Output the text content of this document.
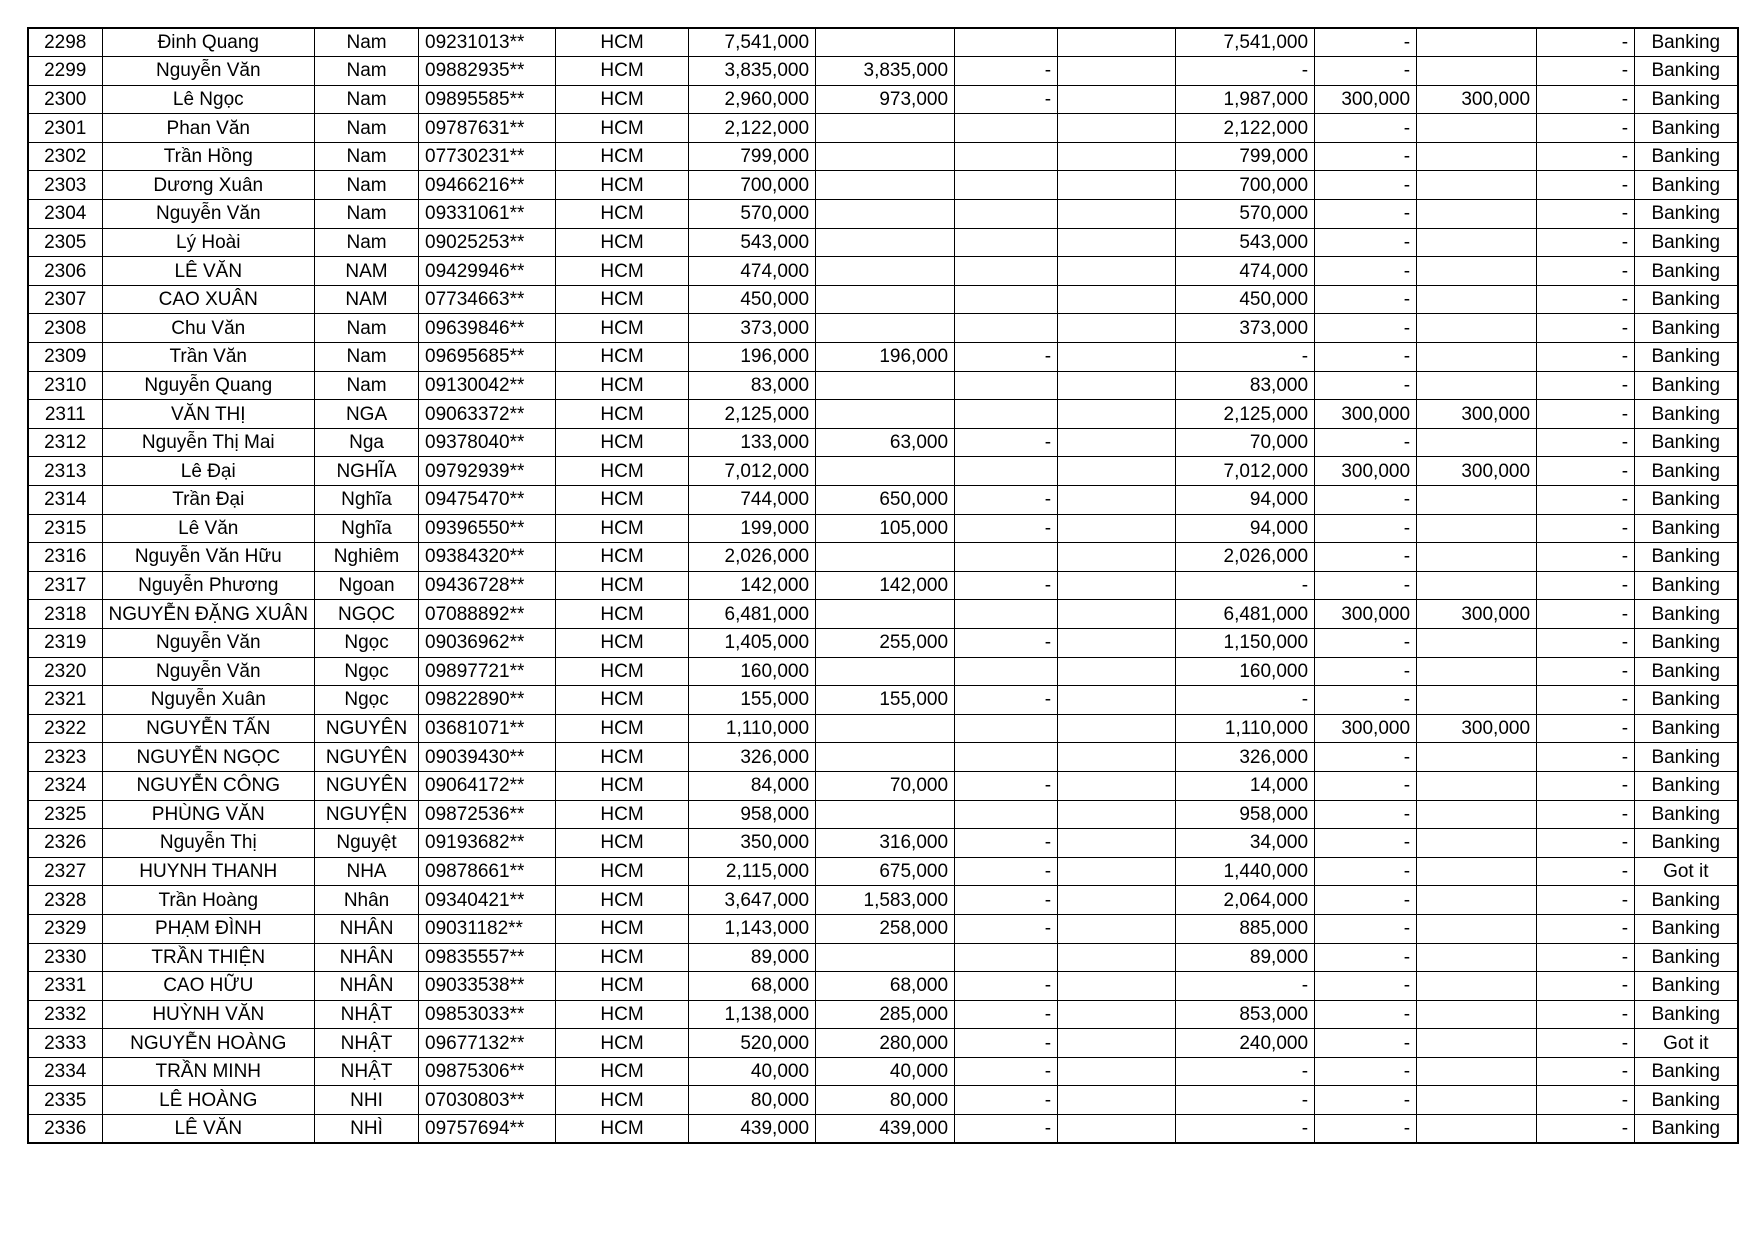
2298	Đinh Quang	Nam	09231013**	HCM	7,541,000				7,541,000	-		-	Banking
2299	Nguyễn Văn	Nam	09882935**	HCM	3,835,000	3,835,000	-		-	-		-	Banking
2300	Lê Ngọc	Nam	09895585**	HCM	2,960,000	973,000	-		1,987,000	300,000	300,000	-	Banking
2301	Phan Văn	Nam	09787631**	HCM	2,122,000				2,122,000	-		-	Banking
2302	Trần Hồng	Nam	07730231**	HCM	799,000				799,000	-		-	Banking
2303	Dương Xuân	Nam	09466216**	HCM	700,000				700,000	-		-	Banking
2304	Nguyễn Văn	Nam	09331061**	HCM	570,000				570,000	-		-	Banking
2305	Lý Hoài	Nam	09025253**	HCM	543,000				543,000	-		-	Banking
2306	LÊ VĂN	NAM	09429946**	HCM	474,000				474,000	-		-	Banking
2307	CAO XUÂN	NAM	07734663**	HCM	450,000				450,000	-		-	Banking
2308	Chu Văn	Nam	09639846**	HCM	373,000				373,000	-		-	Banking
2309	Trần Văn	Nam	09695685**	HCM	196,000	196,000	-		-	-		-	Banking
2310	Nguyễn Quang	Nam	09130042**	HCM	83,000				83,000	-		-	Banking
2311	VĂN THỊ	NGA	09063372**	HCM	2,125,000				2,125,000	300,000	300,000	-	Banking
2312	Nguyễn Thị Mai	Nga	09378040**	HCM	133,000	63,000	-		70,000	-		-	Banking
2313	Lê Đại	NGHĨA	09792939**	HCM	7,012,000				7,012,000	300,000	300,000	-	Banking
2314	Trần Đại	Nghĩa	09475470**	HCM	744,000	650,000	-		94,000	-		-	Banking
2315	Lê Văn	Nghĩa	09396550**	HCM	199,000	105,000	-		94,000	-		-	Banking
2316	Nguyễn Văn Hữu	Nghiêm	09384320**	HCM	2,026,000				2,026,000	-		-	Banking
2317	Nguyễn Phương	Ngoan	09436728**	HCM	142,000	142,000	-		-	-		-	Banking
2318	NGUYỄN ĐẶNG XUÂN	NGỌC	07088892**	HCM	6,481,000				6,481,000	300,000	300,000	-	Banking
2319	Nguyễn Văn	Ngọc	09036962**	HCM	1,405,000	255,000	-		1,150,000	-		-	Banking
2320	Nguyễn Văn	Ngọc	09897721**	HCM	160,000				160,000	-		-	Banking
2321	Nguyễn Xuân	Ngọc	09822890**	HCM	155,000	155,000	-		-	-		-	Banking
2322	NGUYỄN TẤN	NGUYÊN	03681071**	HCM	1,110,000				1,110,000	300,000	300,000	-	Banking
2323	NGUYỄN NGỌC	NGUYÊN	09039430**	HCM	326,000				326,000	-		-	Banking
2324	NGUYỄN CÔNG	NGUYÊN	09064172**	HCM	84,000	70,000	-		14,000	-		-	Banking
2325	PHÙNG VĂN	NGUYỆN	09872536**	HCM	958,000				958,000	-		-	Banking
2326	Nguyễn Thị	Nguyệt	09193682**	HCM	350,000	316,000	-		34,000	-		-	Banking
2327	HUYNH THANH	NHA	09878661**	HCM	2,115,000	675,000	-		1,440,000	-		-	Got it
2328	Trần Hoàng	Nhân	09340421**	HCM	3,647,000	1,583,000	-		2,064,000	-		-	Banking
2329	PHẠM ĐÌNH	NHÂN	09031182**	HCM	1,143,000	258,000	-		885,000	-		-	Banking
2330	TRẦN THIỆN	NHÂN	09835557**	HCM	89,000				89,000	-		-	Banking
2331	CAO HỮU	NHÂN	09033538**	HCM	68,000	68,000	-		-	-		-	Banking
2332	HUỲNH VĂN	NHẬT	09853033**	HCM	1,138,000	285,000	-		853,000	-		-	Banking
2333	NGUYỄN HOÀNG	NHẬT	09677132**	HCM	520,000	280,000	-		240,000	-		-	Got it
2334	TRẦN MINH	NHẬT	09875306**	HCM	40,000	40,000	-		-	-		-	Banking
2335	LÊ HOÀNG	NHI	07030803**	HCM	80,000	80,000	-		-	-		-	Banking
2336	LÊ VĂN	NHÌ	09757694**	HCM	439,000	439,000	-		-	-		-	Banking
